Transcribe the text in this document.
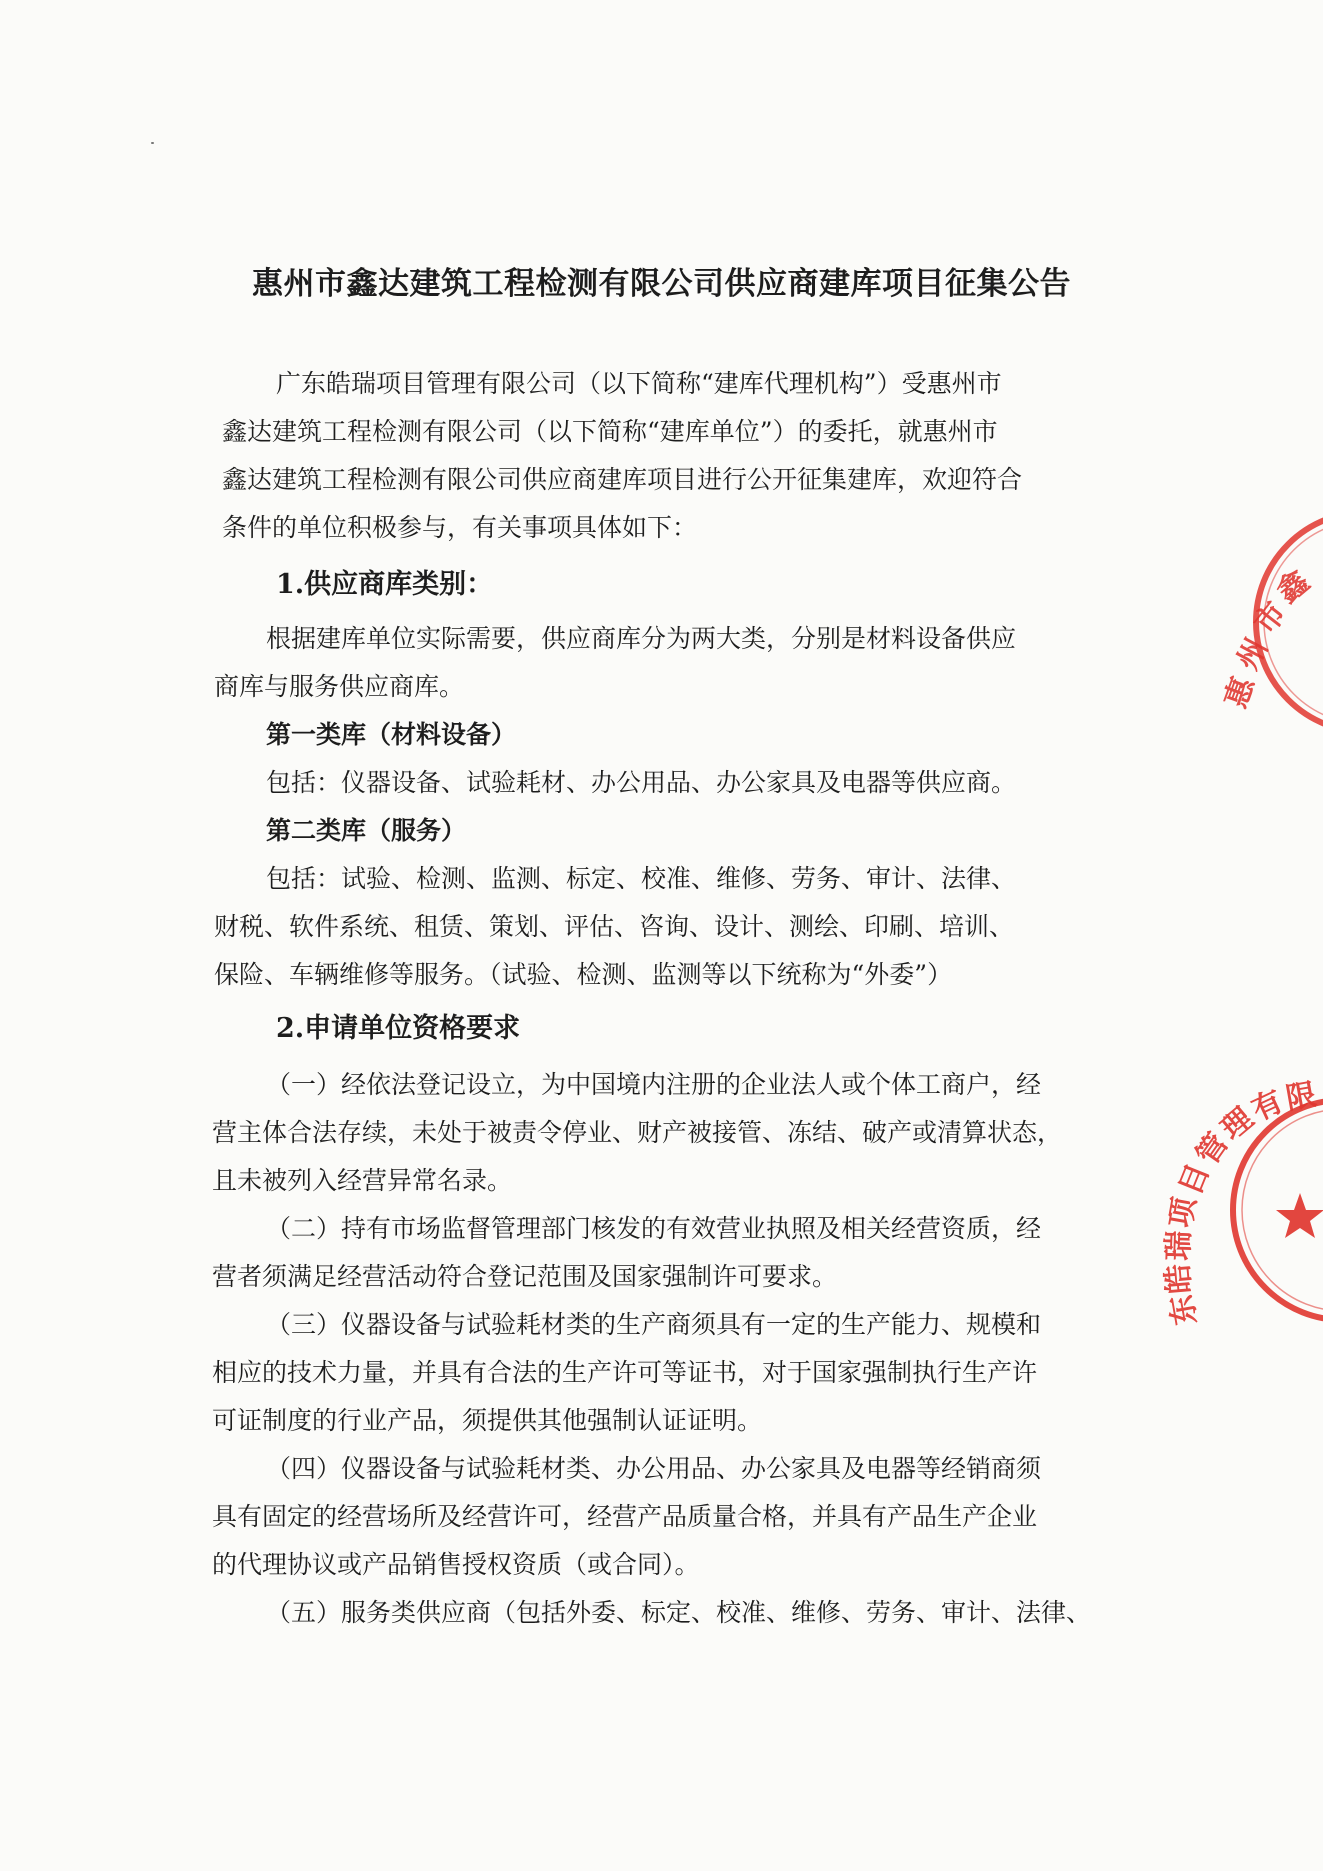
惠州市鑫达建筑工程检测有限公司供应商建库项目征集公告
广东皓瑞项目管理有限公司（以下简称“建库代理机构”）受惠州市
鑫达建筑工程检测有限公司（以下简称“建库单位”）的委托，就惠州市
鑫达建筑工程检测有限公司供应商建库项目进行公开征集建库，欢迎符合
条件的单位积极参与，有关事项具体如下：
1.供应商库类别：
根据建库单位实际需要，供应商库分为两大类，分别是材料设备供应
商库与服务供应商库。
第一类库（材料设备）
包括：仪器设备、试验耗材、办公用品、办公家具及电器等供应商。
第二类库（服务）
包括：试验、检测、监测、标定、校准、维修、劳务、审计、法律、
财税、软件系统、租赁、策划、评估、咨询、设计、测绘、印刷、培训、
保险、车辆维修等服务。（试验、检测、监测等以下统称为“外委”）
2.申请单位资格要求
（一）经依法登记设立，为中国境内注册的企业法人或个体工商户，经
营主体合法存续，未处于被责令停业、财产被接管、冻结、破产或清算状态，
且未被列入经营异常名录。
（二）持有市场监督管理部门核发的有效营业执照及相关经营资质，经
营者须满足经营活动符合登记范围及国家强制许可要求。
（三）仪器设备与试验耗材类的生产商须具有一定的生产能力、规模和
相应的技术力量，并具有合法的生产许可等证书，对于国家强制执行生产许
可证制度的行业产品，须提供其他强制认证证明。
（四）仪器设备与试验耗材类、办公用品、办公家具及电器等经销商须
具有固定的经营场所及经营许可，经营产品质量合格，并具有产品生产企业
的代理协议或产品销售授权资质（或合同）。
（五）服务类供应商（包括外委、标定、校准、维修、劳务、审计、法律、
惠
州
市
鑫
东
皓
瑞
项
目
管
理
有
限
